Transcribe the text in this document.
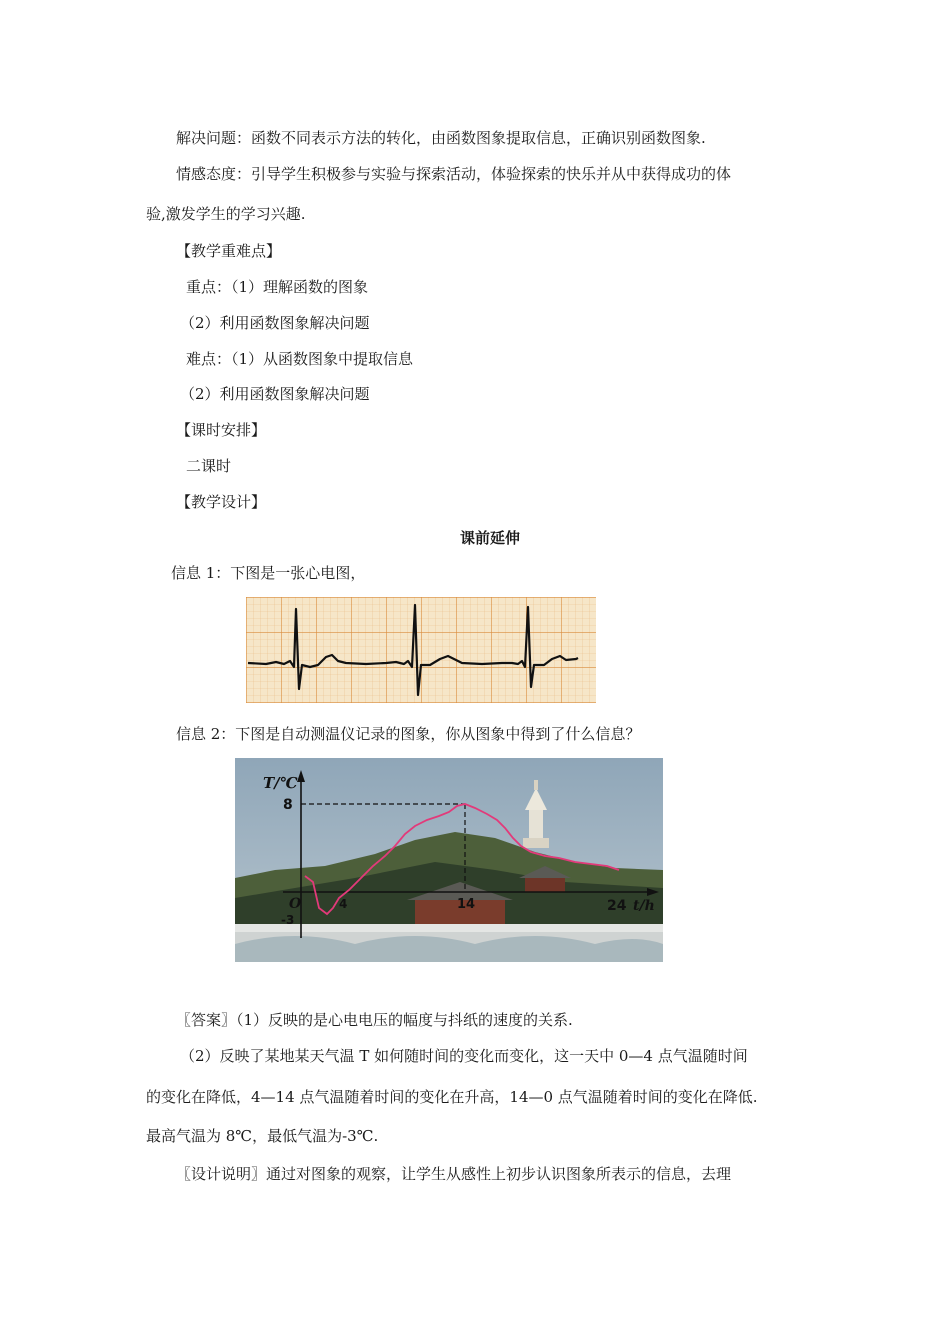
解决问题：函数不同表示方法的转化，由函数图象提取信息，正确识别函数图象.
情感态度：引导学生积极参与实验与探索活动，体验探索的快乐并从中获得成功的体
验,激发学生的学习兴趣.
【教学重难点】
重点：（1）理解函数的图象
（2）利用函数图象解决问题
难点：（1）从函数图象中提取信息
（2）利用函数图象解决问题
【课时安排】
二课时
【教学设计】
课前延伸
信息 1：下图是一张心电图，
信息 2：下图是自动测温仪记录的图象，你从图象中得到了什么信息？
T/℃
8
O
-3
4	14	24 t/h
〖答案〗（1）反映的是心电电压的幅度与抖纸的速度的关系.
（2）反映了某地某天气温 T 如何随时间的变化而变化，这一天中 0—4 点气温随时间
的变化在降低，4—14 点气温随着时间的变化在升高，14—0 点气温随着时间的变化在降低.
最高气温为 8℃，最低气温为-3℃.
〖设计说明〗通过对图象的观察，让学生从感性上初步认识图象所表示的信息，去理
